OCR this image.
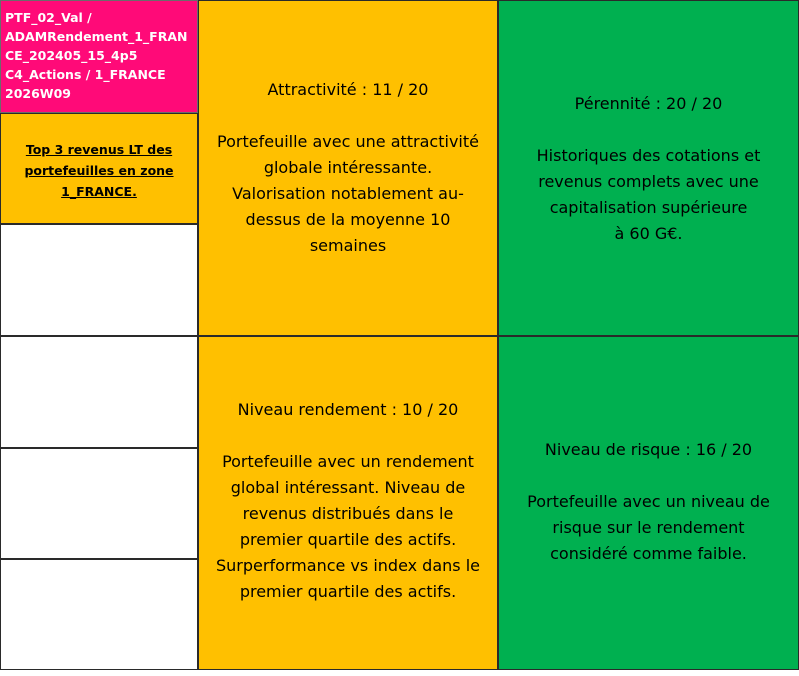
PTF_02_Val /
ADAMRendement_1_FRAN
CE_202405_15_4p5
C4_Actions / 1_FRANCE
2026W09
Top 3 revenus LT des
portefeuilles en zone
1_FRANCE.
Attractivité : 11 / 20
Portefeuille avec une attractivité
globale intéressante.
Valorisation notablement au-
dessus de la moyenne 10
semaines
Pérennité : 20 / 20
Historiques des cotations et
revenus complets avec une
capitalisation supérieure
à 60 G€.
Niveau rendement : 10 / 20
Portefeuille avec un rendement
global intéressant. Niveau de
revenus distribués dans le
premier quartile des actifs.
Surperformance vs index dans le
premier quartile des actifs.
Niveau de risque : 16 / 20
Portefeuille avec un niveau de
risque sur le rendement
considéré comme faible.
